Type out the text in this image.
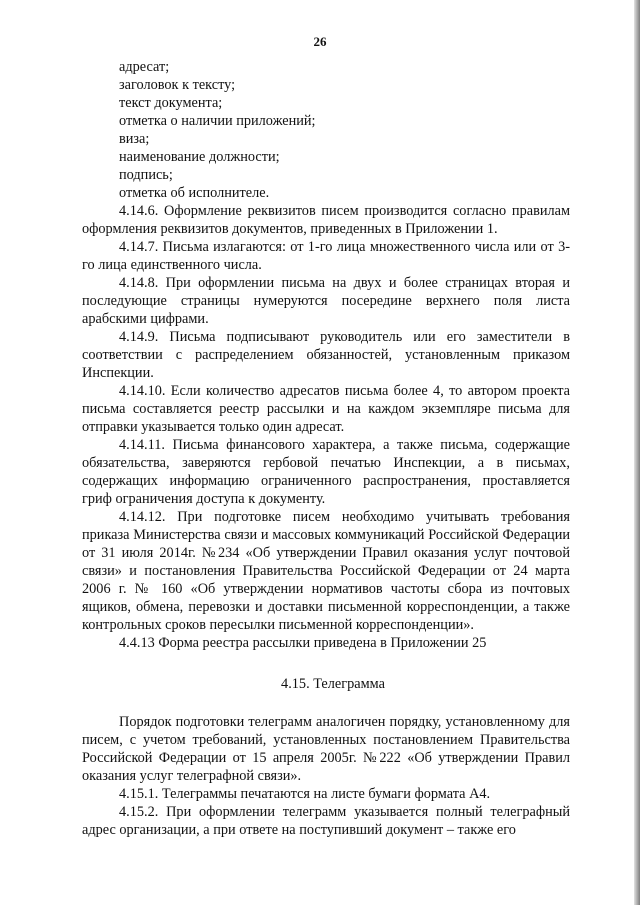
26
адресат;
заголовок к тексту;
текст документа;
отметка о наличии приложений;
виза;
наименование должности;
подпись;
отметка об исполнителе.
4.14.6. Оформление реквизитов писем производится согласно правилам оформления реквизитов документов, приведенных в Приложении 1.
4.14.7. Письма излагаются: от 1-го лица множественного числа или от 3-го лица единственного числа.
4.14.8. При оформлении письма на двух и более страницах вторая и последующие страницы нумеруются посередине верхнего поля листа арабскими цифрами.
4.14.9. Письма подписывают руководитель или его заместители в соответствии с распределением обязанностей, установленным приказом Инспекции.
4.14.10. Если количество адресатов письма более 4, то автором проекта письма составляется реестр рассылки и на каждом экземпляре письма для отправки указывается только один адресат.
4.14.11. Письма финансового характера, а также письма, содержащие обязательства, заверяются гербовой печатью Инспекции, а в письмах, содержащих информацию ограниченного распространения, проставляется гриф ограничения доступа к документу.
4.14.12. При подготовке писем необходимо учитывать требования приказа Министерства связи и массовых коммуникаций Российской Федерации от 31 июля 2014г. №234 «Об утверждении Правил оказания услуг почтовой связи» и постановления Правительства Российской Федерации от 24 марта 2006 г. № 160 «Об утверждении нормативов частоты сбора из почтовых ящиков, обмена, перевозки и доставки письменной корреспонденции, а также контрольных сроков пересылки письменной корреспонденции».
4.4.13 Форма реестра рассылки приведена в Приложении 25
4.15. Телеграмма
Порядок подготовки телеграмм аналогичен порядку, установленному для писем, с учетом требований, установленных постановлением Правительства Российской Федерации от 15 апреля 2005г. №222 «Об утверждении Правил оказания услуг телеграфной связи».
4.15.1. Телеграммы печатаются на листе бумаги формата А4.
4.15.2. При оформлении телеграмм указывается полный телеграфный адрес организации, а при ответе на поступивший документ – также его
